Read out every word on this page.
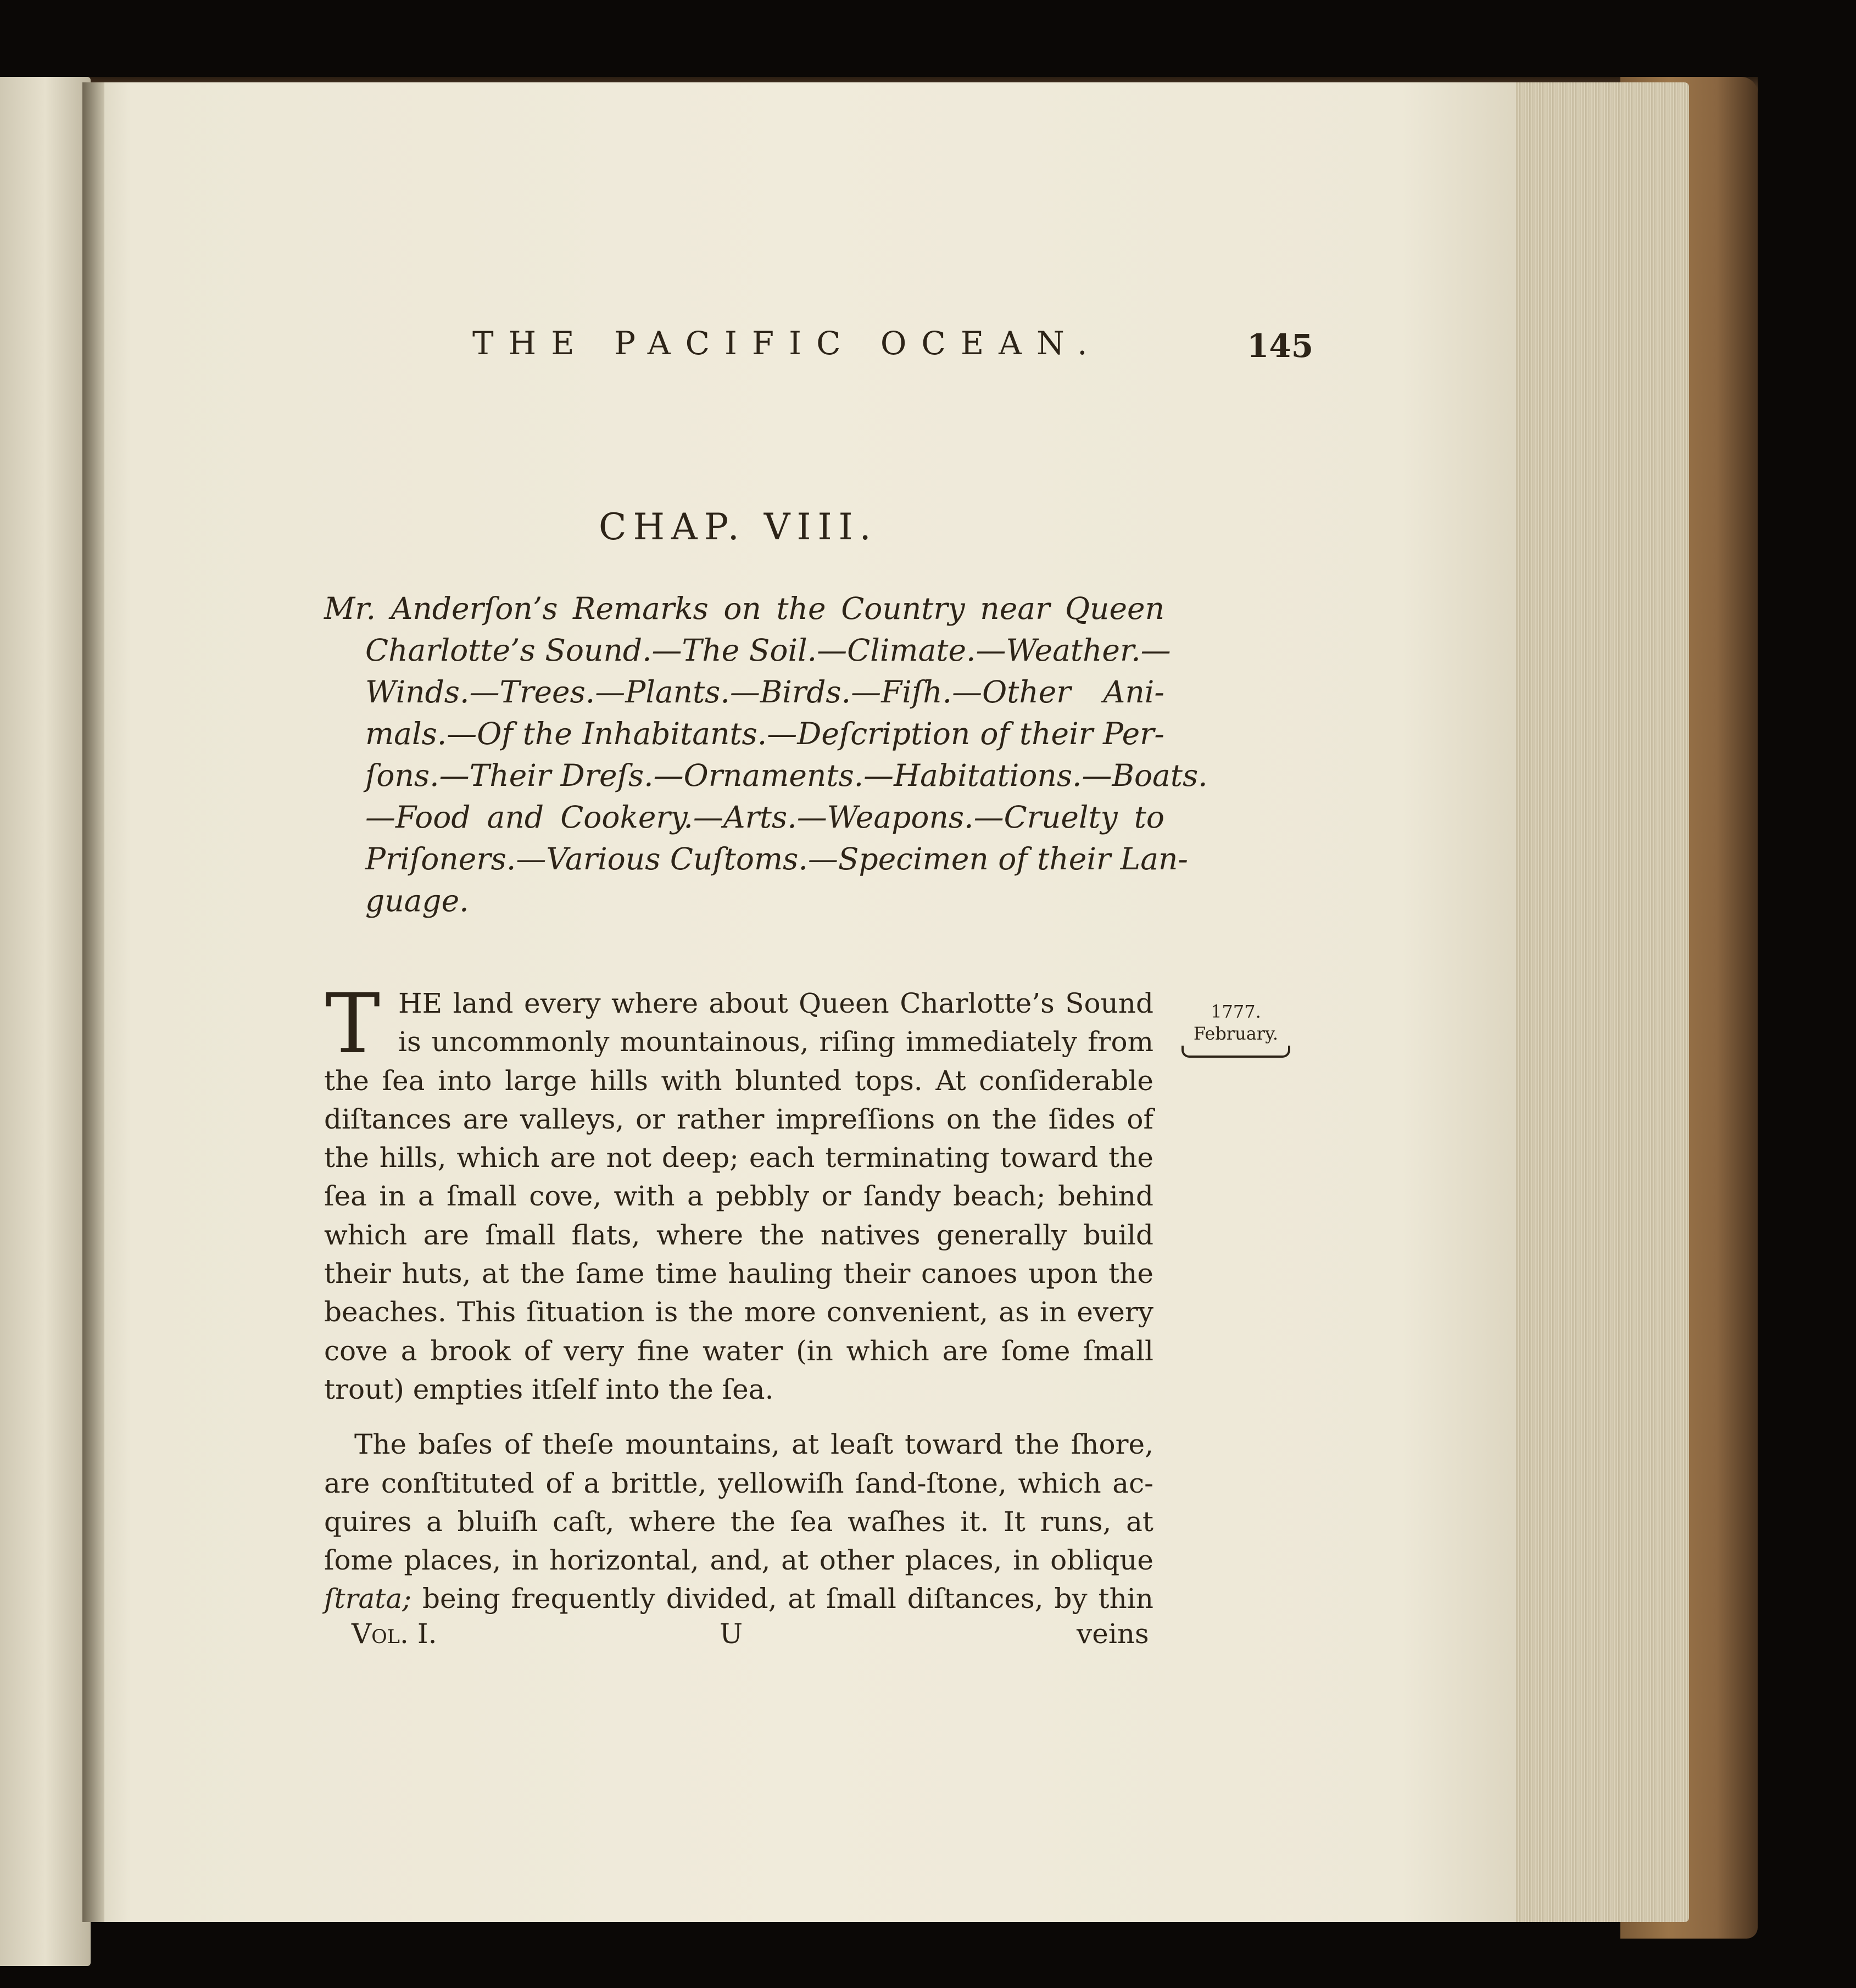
THE PACIFIC OCEAN.	145
CHAP. VIII.
Mr. Anderſon’s Remarks on the Country near Queen
Charlotte’s Sound.—The Soil.—Climate.—Weather.—
Winds.—Trees.—Plants.—Birds.—Fiſh.—Other Ani-
mals.—Of the Inhabitants.—Deſcription of their Per-
ſons.—Their Dreſs.—Ornaments.—Habitations.—Boats.
—Food and Cookery.—Arts.—Weapons.—Cruelty to
Priſoners.—Various Cuſtoms.—Specimen of their Lan-
guage.
T HE land every where about Queen Charlotte’s Sound
is uncommonly mountainous, riſing immediately from
the ſea into large hills with blunted tops. At conſiderable
diſtances are valleys, or rather impreſſions on the ſides of
the hills, which are not deep; each terminating toward the
ſea in a ſmall cove, with a pebbly or ſandy beach; behind
which are ſmall flats, where the natives generally build
their huts, at the ſame time hauling their canoes upon the
beaches. This ſituation is the more convenient, as in every
cove a brook of very fine water (in which are ſome ſmall
trout) empties itſelf into the ſea.
The baſes of theſe mountains, at leaſt toward the ſhore,
are conſtituted of a brittle, yellowiſh ſand-ſtone, which ac-
quires a bluiſh caſt, where the ſea waſhes it. It runs, at
ſome places, in horizontal, and, at other places, in oblique
ſtrata; being frequently divided, at ſmall diſtances, by thin
1777.
February.
Vol. I.	U	veins
